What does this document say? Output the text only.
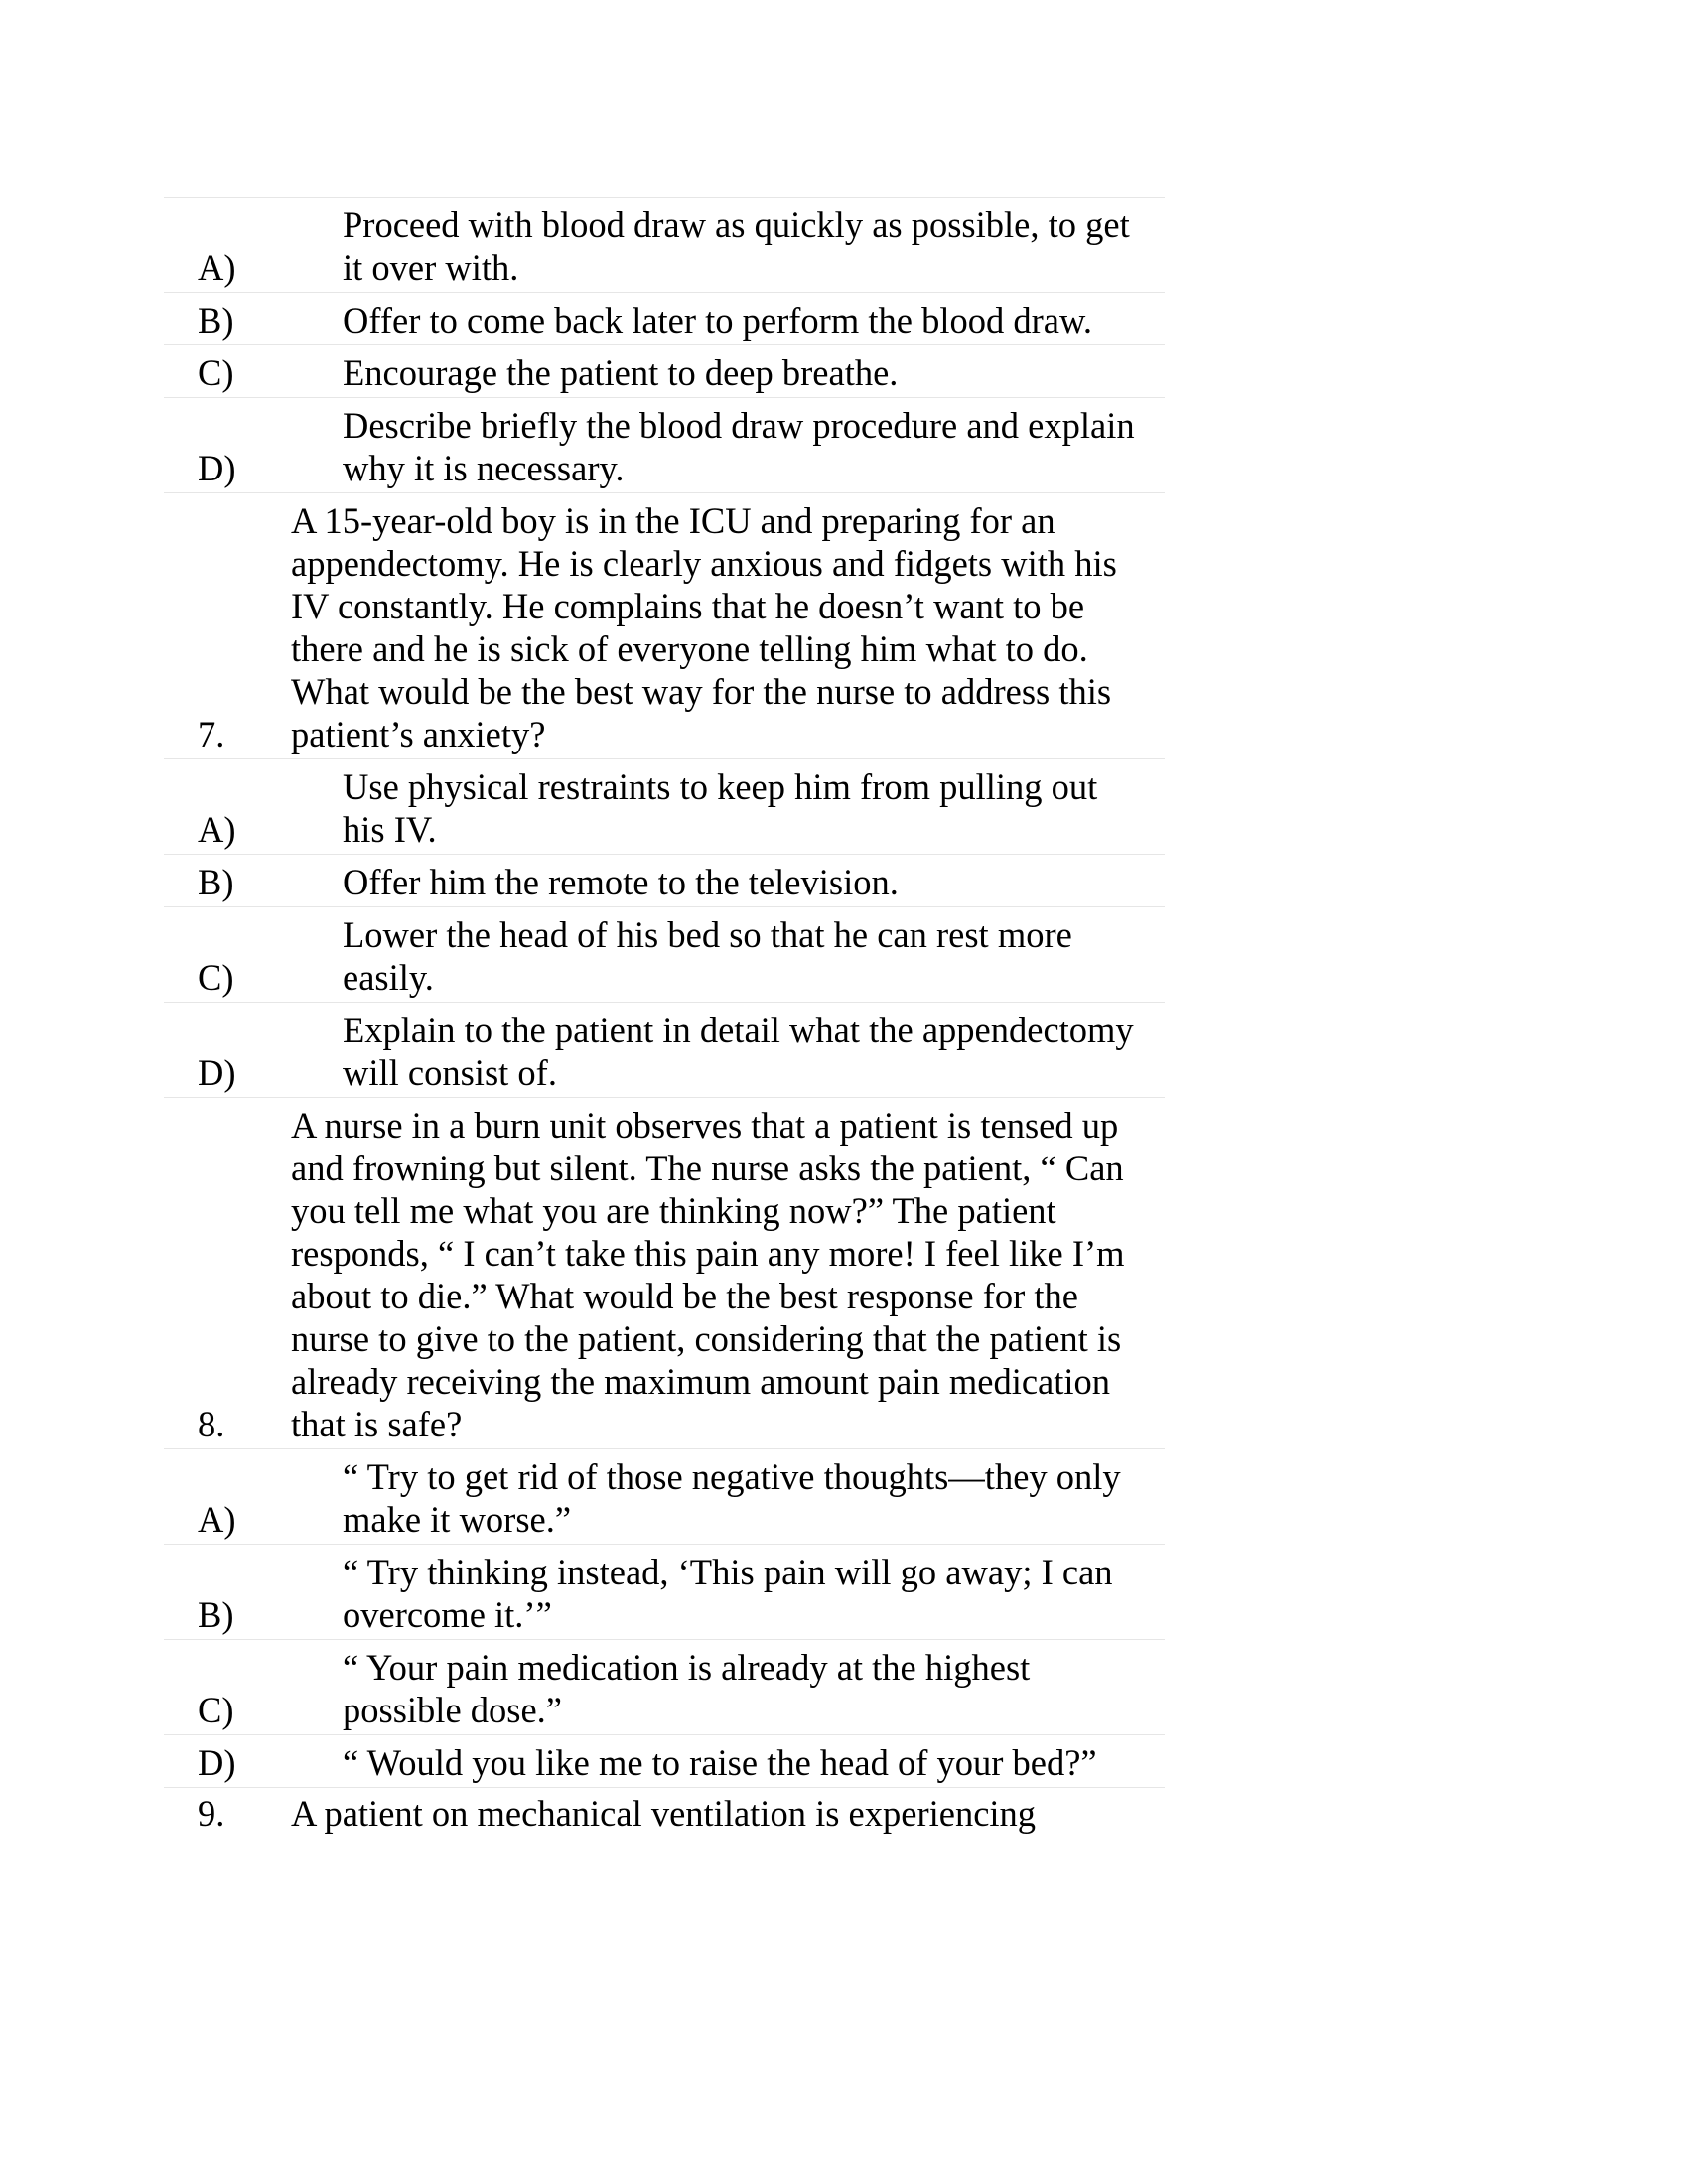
A)	Proceed with blood draw as quickly as possible, to get it over with.
B)	Offer to come back later to perform the blood draw.
C)	Encourage the patient to deep breathe.
D)	Describe briefly the blood draw procedure and explain why it is necessary.
7.	A 15-year-old boy is in the ICU and preparing for an appendectomy. He is clearly anxious and fidgets with his IV constantly. He complains that he doesn’t want to be there and he is sick of everyone telling him what to do. What would be the best way for the nurse to address this patient’s anxiety?
A)	Use physical restraints to keep him from pulling out his IV.
B)	Offer him the remote to the television.
C)	Lower the head of his bed so that he can rest more easily.
D)	Explain to the patient in detail what the appendectomy will consist of.
8.	A nurse in a burn unit observes that a patient is tensed up and frowning but silent. The nurse asks the patient, “ Can you tell me what you are thinking now?” The patient responds, “ I can’t take this pain any more! I feel like I’m about to die.” What would be the best response for the nurse to give to the patient, considering that the patient is already receiving the maximum amount pain medication that is safe?
A)	“ Try to get rid of those negative thoughts—they only make it worse.”
B)	“ Try thinking instead, ‘This pain will go away; I can overcome it.’”
C)	“ Your pain medication is already at the highest possible dose.”
D)	“ Would you like me to raise the head of your bed?”
9.	A patient on mechanical ventilation is experiencing
